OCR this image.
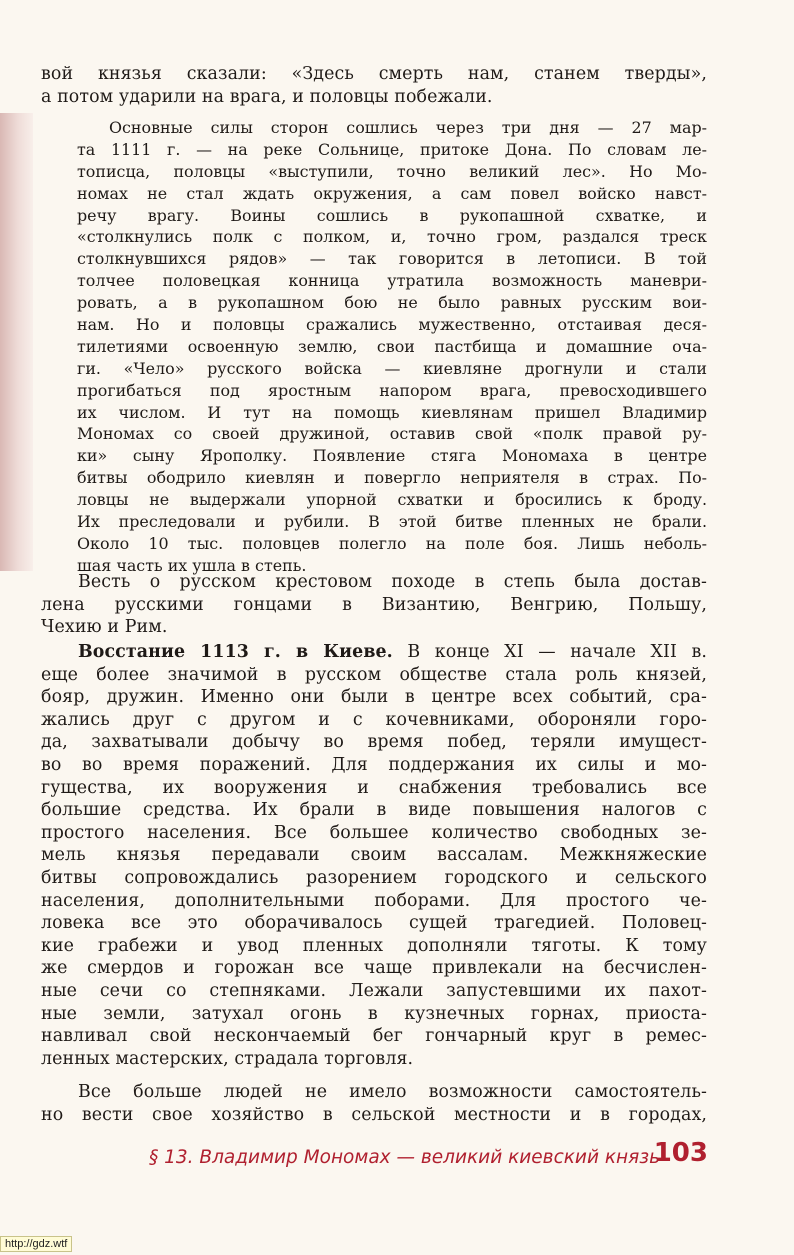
вой князья сказали: «Здесь смерть нам, станем тверды»,
а потом ударили на врага, и половцы побежали.
Основные силы сторон сошлись через три дня — 27 мар-
та 1111 г. — на реке Сольнице, притоке Дона. По словам ле-
тописца, половцы «выступили, точно великий лес». Но Мо-
номах не стал ждать окружения, а сам повел войско навст-
речу врагу. Воины сошлись в рукопашной схватке, и
«столкнулись полк с полком, и, точно гром, раздался треск
столкнувшихся рядов» — так говорится в летописи. В той
толчее половецкая конница утратила возможность маневри-
ровать, а в рукопашном бою не было равных русским вои-
нам. Но и половцы сражались мужественно, отстаивая деся-
тилетиями освоенную землю, свои пастбища и домашние оча-
ги. «Чело» русского войска — киевляне дрогнули и стали
прогибаться под яростным напором врага, превосходившего
их числом. И тут на помощь киевлянам пришел Владимир
Мономах со своей дружиной, оставив свой «полк правой ру-
ки» сыну Ярополку. Появление стяга Мономаха в центре
битвы ободрило киевлян и повергло неприятеля в страх. По-
ловцы не выдержали упорной схватки и бросились к броду.
Их преследовали и рубили. В этой битве пленных не брали.
Около 10 тыс. половцев полегло на поле боя. Лишь неболь-
шая часть их ушла в степь.
Весть о русском крестовом походе в степь была достав-
лена русскими гонцами в Византию, Венгрию, Польшу,
Чехию и Рим.
Восстание 1113 г. в Киеве. В конце XI — начале XII в.
еще более значимой в русском обществе стала роль князей,
бояр, дружин. Именно они были в центре всех событий, сра-
жались друг с другом и с кочевниками, обороняли горо-
да, захватывали добычу во время побед, теряли имущест-
во во время поражений. Для поддержания их силы и мо-
гущества, их вооружения и снабжения требовались все
большие средства. Их брали в виде повышения налогов с
простого населения. Все большее количество свободных зе-
мель князья передавали своим вассалам. Межкняжеские
битвы сопровождались разорением городского и сельского
населения, дополнительными поборами. Для простого че-
ловека все это оборачивалось сущей трагедией. Половец-
кие грабежи и увод пленных дополняли тяготы. К тому
же смердов и горожан все чаще привлекали на бесчислен-
ные сечи со степняками. Лежали запустевшими их пахот-
ные земли, затухал огонь в кузнечных горнах, приоста-
навливал свой нескончаемый бег гончарный круг в ремес-
ленных мастерских, страдала торговля.
Все больше людей не имело возможности самостоятель-
но вести свое хозяйство в сельской местности и в городах,
§ 13. Владимир Мономах — великий киевский князь
103
http://gdz.wtf
